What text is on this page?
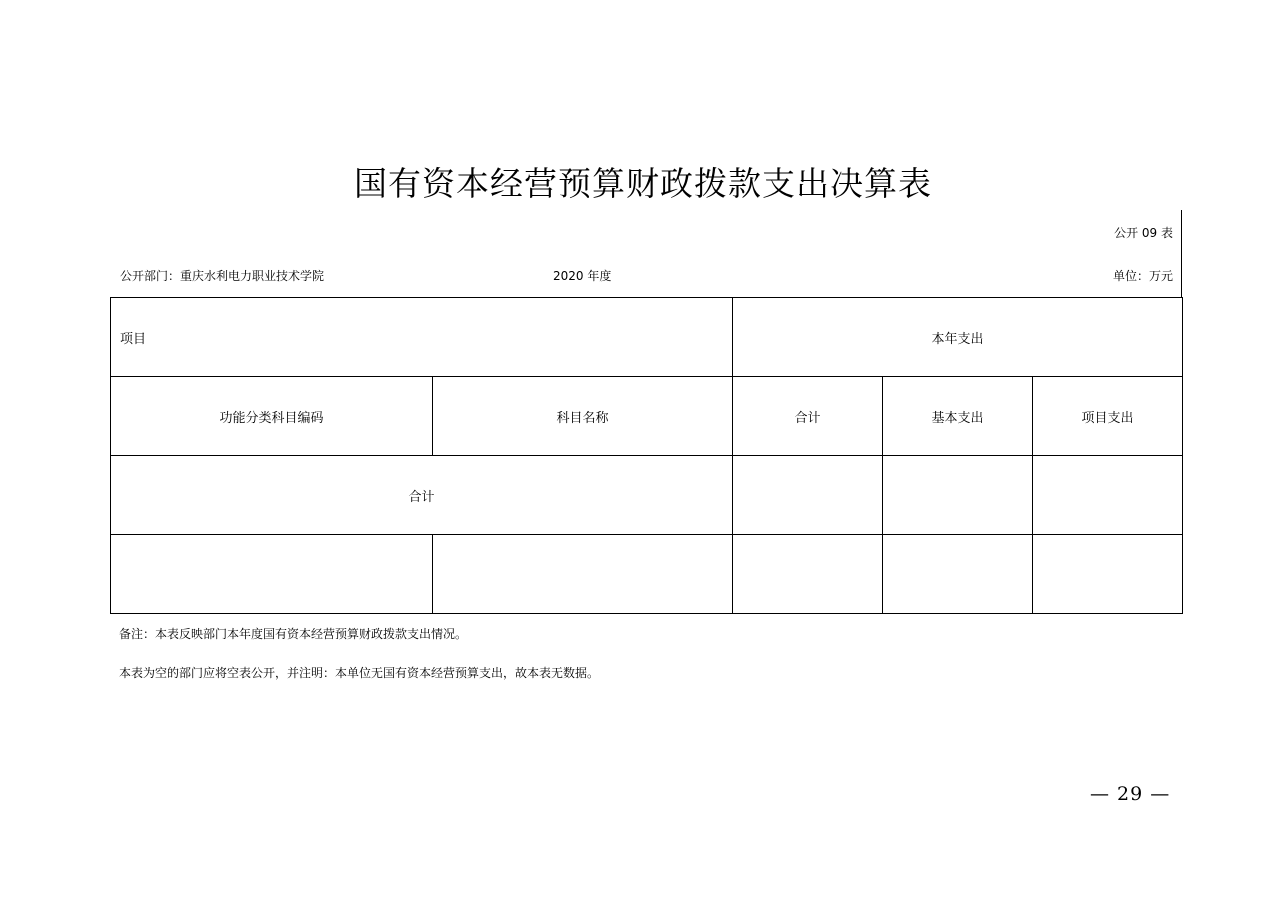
国有资本经营预算财政拨款支出决算表
公开 09 表
公开部门：重庆水利电力职业技术学院	2020 年度	单位：万元
项目		本年支出		
功能分类科目编码	科目名称	合计	基本支出	项目支出
合计				

备注：本表反映部门本年度国有资本经营预算财政拨款支出情况。
本表为空的部门应将空表公开，并注明：本单位无国有资本经营预算支出，故本表无数据。
— 29 —
